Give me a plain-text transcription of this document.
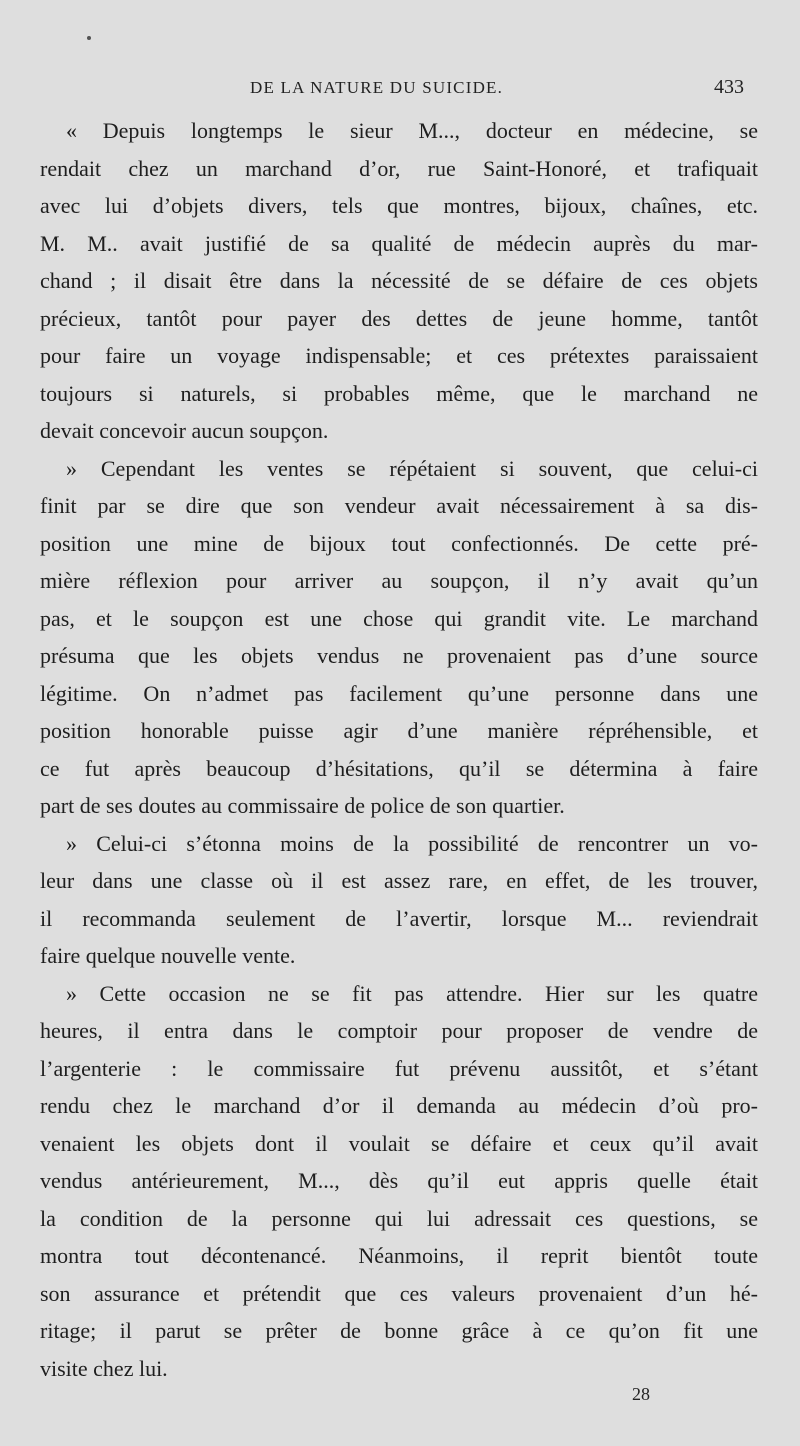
DE LA NATURE DU SUICIDE.	433
« Depuis longtemps le sieur M..., docteur en médecine, se
rendait chez un marchand d’or, rue Saint-Honoré, et trafiquait
avec lui d’objets divers, tels que montres, bijoux, chaînes, etc.
M. M.. avait justifié de sa qualité de médecin auprès du mar-
chand ; il disait être dans la nécessité de se défaire de ces objets
précieux, tantôt pour payer des dettes de jeune homme, tantôt
pour faire un voyage indispensable; et ces prétextes paraissaient
toujours si naturels, si probables même, que le marchand ne
devait concevoir aucun soupçon.
» Cependant les ventes se répétaient si souvent, que celui-ci
finit par se dire que son vendeur avait nécessairement à sa dis-
position une mine de bijoux tout confectionnés. De cette pré-
mière réflexion pour arriver au soupçon, il n’y avait qu’un
pas, et le soupçon est une chose qui grandit vite. Le marchand
présuma que les objets vendus ne provenaient pas d’une source
légitime. On n’admet pas facilement qu’une personne dans une
position honorable puisse agir d’une manière répréhensible, et
ce fut après beaucoup d’hésitations, qu’il se détermina à faire
part de ses doutes au commissaire de police de son quartier.
» Celui-ci s’étonna moins de la possibilité de rencontrer un vo-
leur dans une classe où il est assez rare, en effet, de les trouver,
il recommanda seulement de l’avertir, lorsque M... reviendrait
faire quelque nouvelle vente.
» Cette occasion ne se fit pas attendre. Hier sur les quatre
heures, il entra dans le comptoir pour proposer de vendre de
l’argenterie : le commissaire fut prévenu aussitôt, et s’étant
rendu chez le marchand d’or il demanda au médecin d’où pro-
venaient les objets dont il voulait se défaire et ceux qu’il avait
vendus antérieurement, M..., dès qu’il eut appris quelle était
la condition de la personne qui lui adressait ces questions, se
montra tout décontenancé. Néanmoins, il reprit bientôt toute
son assurance et prétendit que ces valeurs provenaient d’un hé-
ritage; il parut se prêter de bonne grâce à ce qu’on fit une
visite chez lui.
28
